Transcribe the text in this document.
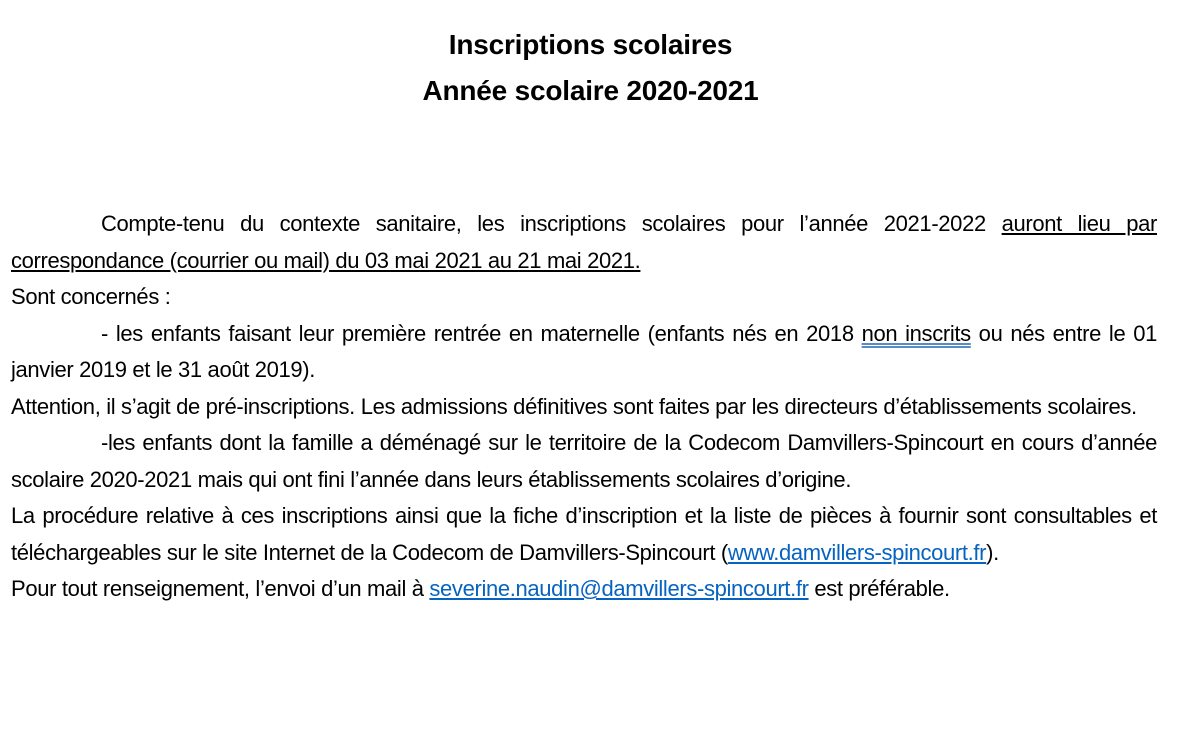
Inscriptions scolaires
Année scolaire 2020-2021

Compte-tenu du contexte sanitaire, les inscriptions scolaires pour l’année 2021-2022 auront lieu par correspondance (courrier ou mail) du 03 mai 2021 au 21 mai 2021.

Sont concernés :

- les enfants faisant leur première rentrée en maternelle (enfants nés en 2018 non inscrits ou nés entre le 01 janvier 2019 et le 31 août 2019).

Attention, il s’agit de pré-inscriptions. Les admissions définitives sont faites par les directeurs d’établissements scolaires.

-les enfants dont la famille a déménagé sur le territoire de la Codecom Damvillers-Spincourt en cours d’année scolaire 2020-2021 mais qui ont fini l’année dans leurs établissements scolaires d’origine.

La procédure relative à ces inscriptions ainsi que la fiche d’inscription et la liste de pièces à fournir sont consultables et téléchargeables sur le site Internet de la Codecom de Damvillers-Spincourt (www.damvillers-spincourt.fr).

Pour tout renseignement, l’envoi d’un mail à severine.naudin@damvillers-spincourt.fr est préférable.
